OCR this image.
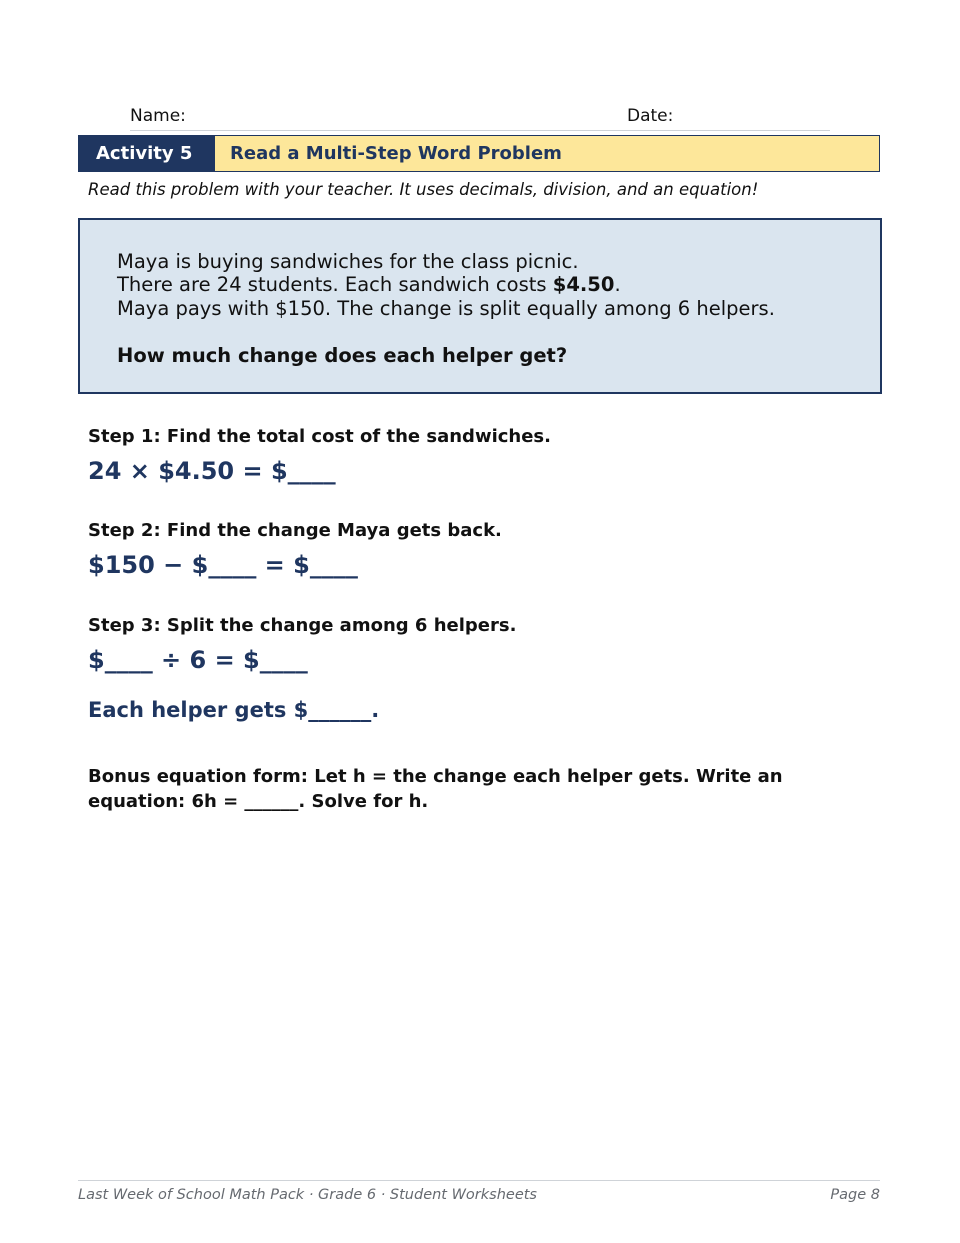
Name:	Date:
Activity 5	Read a Multi-Step Word Problem
Read this problem with your teacher. It uses decimals, division, and an equation!
Maya is buying sandwiches for the class picnic.
There are 24 students. Each sandwich costs $4.50.
Maya pays with $150. The change is split equally among 6 helpers.
How much change does each helper get?
Step 1: Find the total cost of the sandwiches.
24 × $4.50 = $____
Step 2: Find the change Maya gets back.
$150 − $____ = $____
Step 3: Split the change among 6 helpers.
$____ ÷ 6 = $____
Each helper gets $______.
Bonus equation form: Let h = the change each helper gets. Write an equation: 6h = ______. Solve for h.
Last Week of School Math Pack · Grade 6 · Student Worksheets	Page 8
